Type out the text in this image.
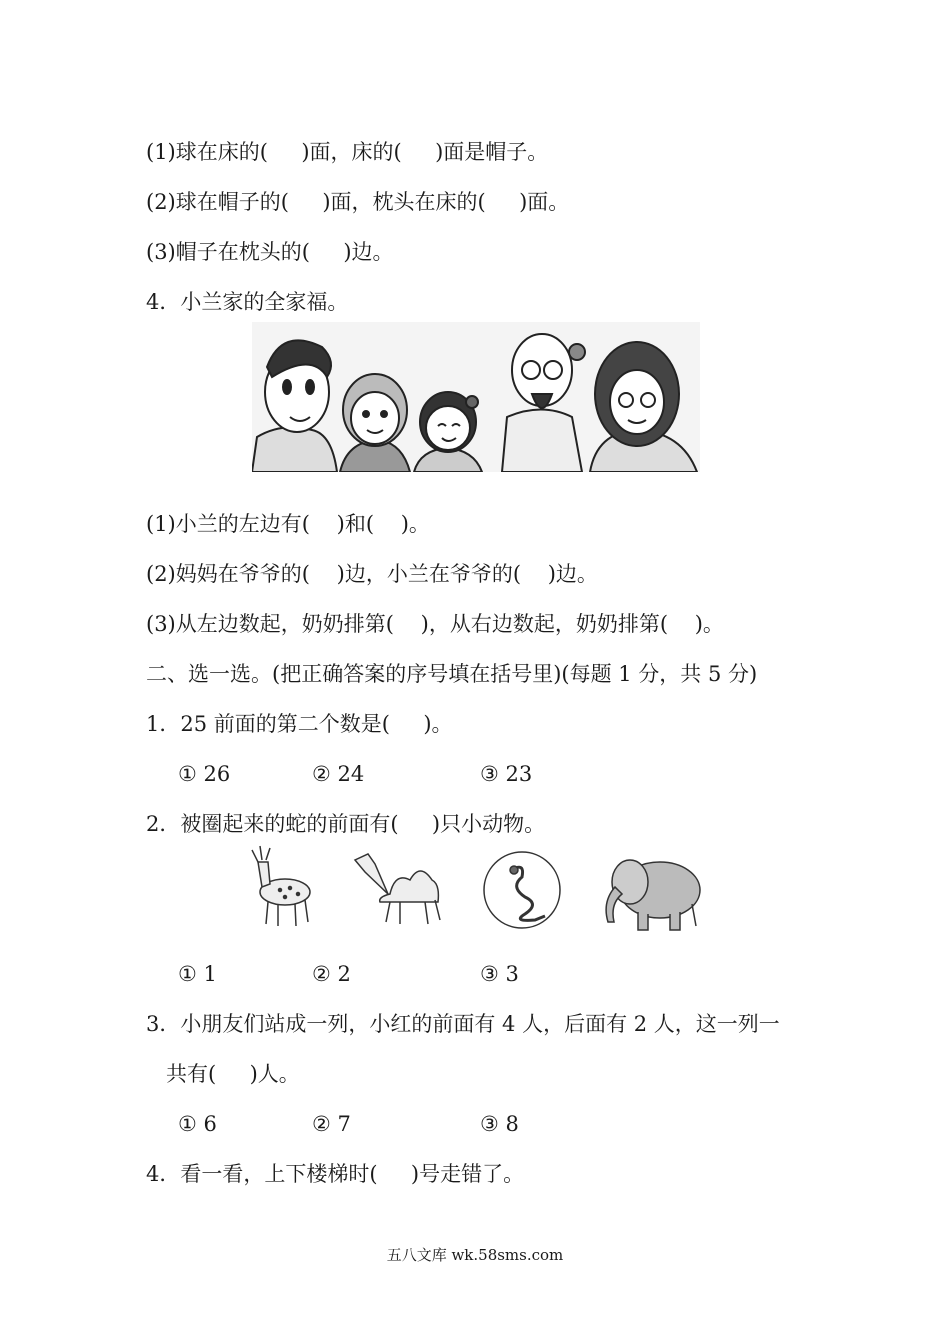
(1)球在床的(     )面，床的(     )面是帽子。
(2)球在帽子的(     )面，枕头在床的(     )面。
(3)帽子在枕头的(     )边。
4．小兰家的全家福。
(1)小兰的左边有(    )和(    )。
(2)妈妈在爷爷的(    )边，小兰在爷爷的(    )边。
(3)从左边数起，奶奶排第(    )，从右边数起，奶奶排第(    )。
二、选一选。(把正确答案的序号填在括号里)(每题 1 分，共 5 分)
1．25 前面的第二个数是(     )。
① 26	② 24	③ 23
2．被圈起来的蛇的前面有(     )只小动物。
① 1	② 2	③ 3
3．小朋友们站成一列，小红的前面有 4 人，后面有 2 人，这一列一
共有(     )人。
① 6	② 7	③ 8
4．看一看，上下楼梯时(     )号走错了。
五八文库 wk.58sms.com
